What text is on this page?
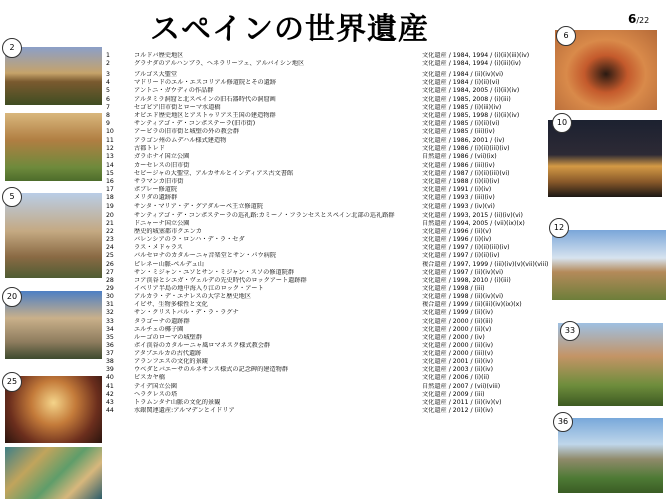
スペインの世界遺産	6/22
2
5
20
25
6
10
12
33
36
1	コルドバ歴史地区	文化遺産 / 1984, 1994 / (i)(ii)(iii)(iv)
2	グラナダのアルハンブラ、ヘネラリーフェ、アルバイシン地区	文化遺産 / 1984, 1994 / (i)(iii)(iv)
3	ブルゴス大聖堂	文化遺産 / 1984 / (ii)(iv)(vi)
4	マドリードのエル・エスコリアル修道院とその遺跡	文化遺産 / 1984 / (i)(ii)(vi)
5	アントニ・ガウディの作品群	文化遺産 / 1984, 2005 / (i)(ii)(iv)
6	アルタミラ洞窟と北スペインの旧石器時代の洞窟画	文化遺産 / 1985, 2008 / (i)(iii)
7	セゴビア旧市街とローマ水道橋	文化遺産 / 1985 / (i)(iii)(iv)
8	オビエド歴史地区とアストゥリアス王国の建造物群	文化遺産 / 1985, 1998 / (i)(ii)(iv)
9	サンティアゴ・デ・コンポステーラ(旧市街)	文化遺産 / 1985 / (i)(ii)(vi)
10	アービラの旧市街と城壁の外の教会群	文化遺産 / 1985 / (iii)(iv)
11	アラゴン州のムデハル様式建造物	文化遺産 / 1986, 2001 / (iv)
12	古都トレド	文化遺産 / 1986 / (i)(ii)(iii)(iv)
13	ガラホナイ国立公園	自然遺産 / 1986 / (vii)(ix)
14	カーセレスの旧市街	文化遺産 / 1986 / (iii)(iv)
15	セビージャの大聖堂、アルカサルとインディアス古文書館	文化遺産 / 1987 / (i)(ii)(iii)(vi)
16	サラマンカ旧市街	文化遺産 / 1988 / (i)(ii)(iv)
17	ポブレー修道院	文化遺産 / 1991 / (i)(iv)
18	メリダの遺跡群	文化遺産 / 1993 / (iii)(iv)
19	サンタ・マリア・デ・グアダルーペ王立修道院	文化遺産 / 1993 / (iv)(vi)
20	サンティアゴ・デ・コンポステーラの巡礼路:カミーノ・フランセスとスペイン北部の巡礼路群	文化遺産 / 1993, 2015 / (ii)(iv)(vi)
21	ドニャーナ国立公園	自然遺産 / 1994, 2005 / (vii)(ix)(x)
22	歴史的城塞都市クエンカ	文化遺産 / 1996 / (ii)(v)
23	バレンシアのラ・ロンハ・デ・ラ・セダ	文化遺産 / 1996 / (i)(iv)
24	ラス・メドゥラス	文化遺産 / 1997 / (i)(ii)(iii)(iv)
25	バルセロナのカタルーニャ音楽堂とサン・パウ病院	文化遺産 / 1997 / (i)(ii)(iv)
26	ピレネー山脈-ペルデュ山	複合遺産 / 1997, 1999 / (iii)(iv)(v)(vii)(viii)
27	サン・ミジャン・ユソとサン・ミジャン・スソの修道院群	文化遺産 / 1997 / (ii)(iv)(vi)
28	コア渓谷とシエガ・ヴェルデの先史時代のロックアート遺跡群	文化遺産 / 1998, 2010 / (i)(iii)
29	イベリア半島の地中海入り江のロック・アート	文化遺産 / 1998 / (iii)
30	アルカラ・デ・エナレスの大学と歴史地区	文化遺産 / 1998 / (ii)(iv)(vi)
31	イビサ、生物多様性と文化	複合遺産 / 1999 / (ii)(iii)(iv)(ix)(x)
32	サン・クリストバル・デ・ラ・ラグナ	文化遺産 / 1999 / (ii)(iv)
33	タラゴーナの遺跡群	文化遺産 / 2000 / (ii)(iii)
34	エルチェの椰子園	文化遺産 / 2000 / (ii)(v)
35	ルーゴのローマの城壁群	文化遺産 / 2000 / (iv)
36	ボイ渓谷のカタルーニャ風ロマネスク様式教会群	文化遺産 / 2000 / (ii)(iv)
37	アタプエルカの古代遺跡	文化遺産 / 2000 / (iii)(v)
38	アランフエスの文化的景観	文化遺産 / 2001 / (ii)(iv)
39	ウベダとバエーサのルネサンス様式の記念碑的建造物群	文化遺産 / 2003 / (ii)(iv)
40	ビスカヤ橋	文化遺産 / 2006 / (i)(ii)
41	テイデ国立公園	自然遺産 / 2007 / (vii)(viii)
42	ヘラクレスの塔	文化遺産 / 2009 / (iii)
43	トラムンタナ山脈の文化的景観	文化遺産 / 2011 / (ii)(iv)(v)
44	水銀関連遺産:アルマデンとイドリア	文化遺産 / 2012 / (ii)(iv)
